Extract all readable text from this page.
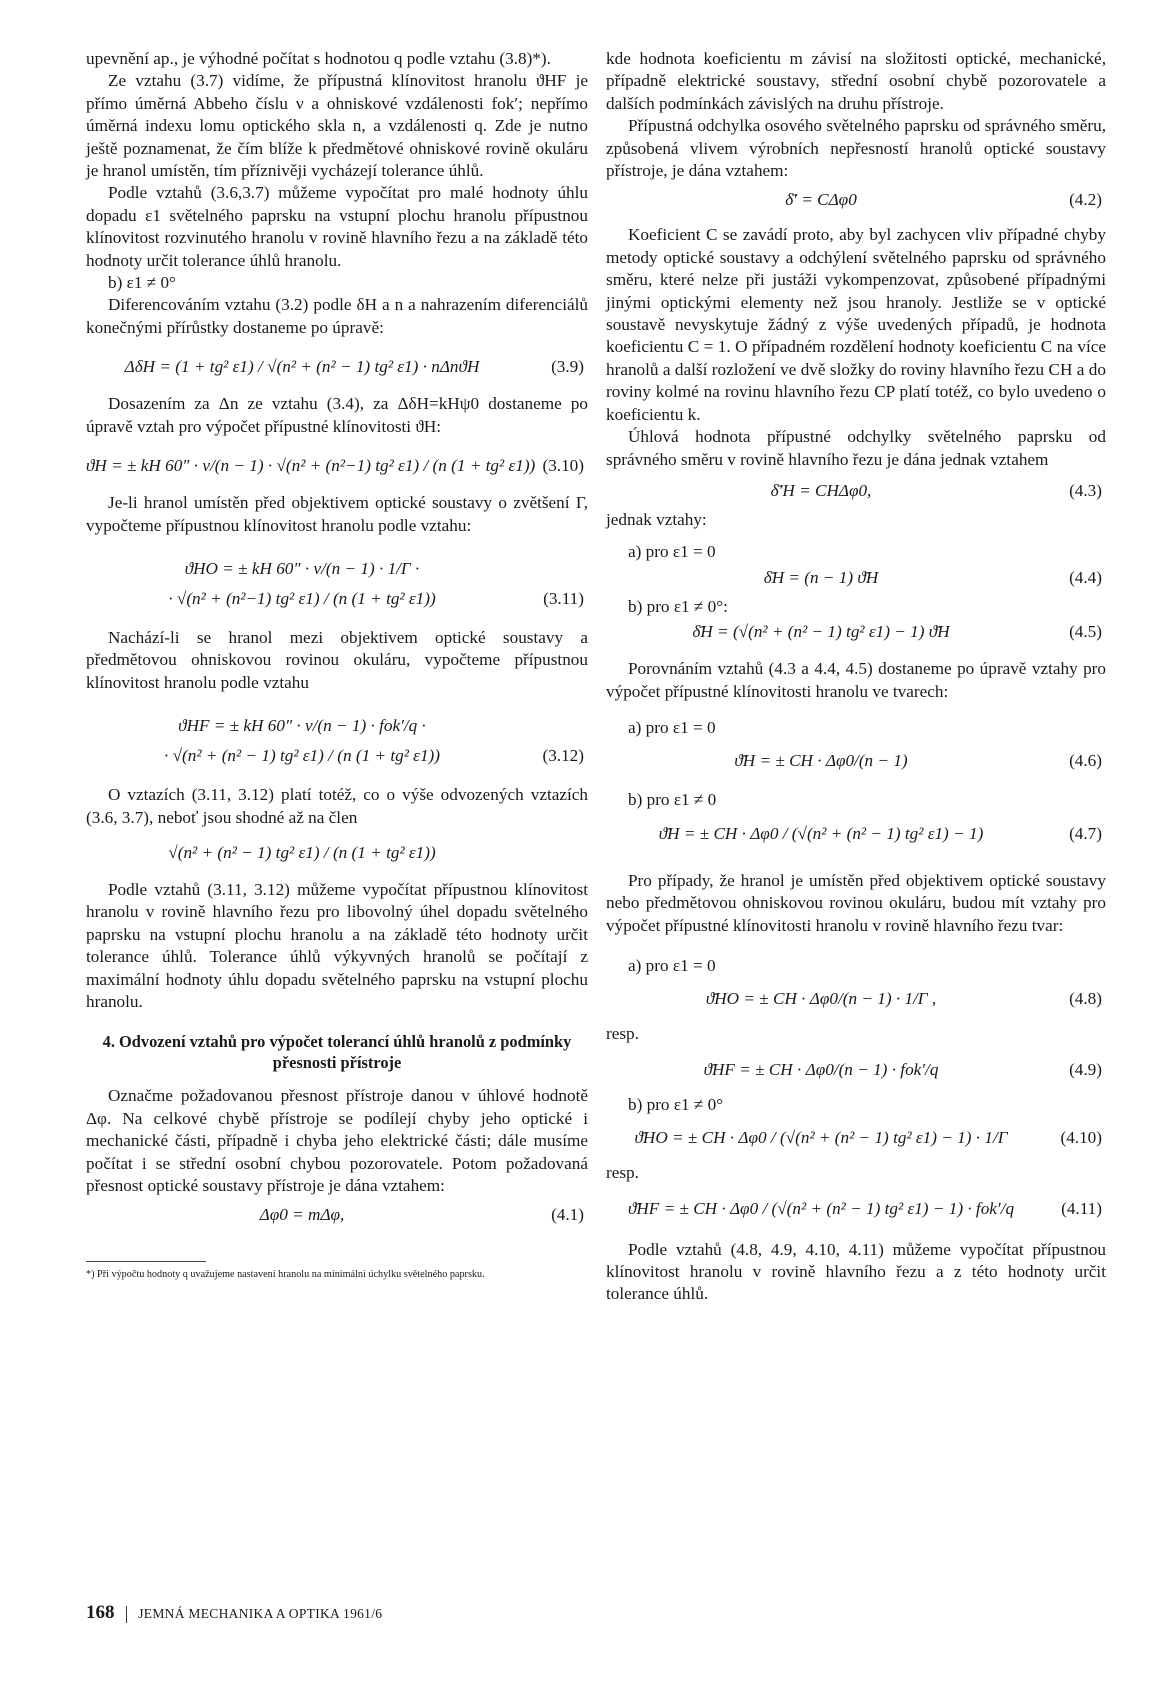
upevnění ap., je výhodné počítat s hodnotou q podle vztahu (3.8)*).

Ze vztahu (3.7) vidíme, že přípustná klínovitost hranolu ϑHF je přímo úměrná Abbeho číslu ν a ohniskové vzdálenosti fok′; nepřímo úměrná indexu lomu optického skla n, a vzdálenosti q. Zde je nutno ještě poznamenat, že čím blíže k předmětové ohniskové rovině okuláru je hranol umístěn, tím příznivěji vycházejí tolerance úhlů.

Podle vztahů (3.6,3.7) můžeme vypočítat pro malé hodnoty úhlu dopadu ε1 světelného paprsku na vstupní plochu hranolu přípustnou klínovitost rozvinutého hranolu v rovině hlavního řezu a na základě této hodnoty určit tolerance úhlů hranolu.

b) ε1 ≠ 0°

Diferencováním vztahu (3.2) podle δH a n a nahrazením diferenciálů konečnými přírůstky dostaneme po úpravě:

ΔδH = (1 + tg² ε1) / √(n² + (n² − 1) tg² ε1) · nΔnϑH	(3.9)

Dosazením za Δn ze vztahu (3.4), za ΔδH=kHψ0 dostaneme po úpravě vztah pro výpočet přípustné klínovitosti ϑH:

ϑH = ± kH 60″ · ν/(n − 1) · √(n² + (n²−1) tg² ε1) / (n (1 + tg² ε1)) (3.10)

Je-li hranol umístěn před objektivem optické soustavy o zvětšení Γ, vypočteme přípustnou klínovitost hranolu podle vztahu:

ϑHO = ± kH 60″ · ν/(n − 1) · 1/Γ ·
· √(n² + (n²−1) tg² ε1) / (n (1 + tg² ε1))	(3.11)

Nachází-li se hranol mezi objektivem optické soustavy a předmětovou ohniskovou rovinou okuláru, vypočteme přípustnou klínovitost hranolu podle vztahu

ϑHF = ± kH 60″ · ν/(n − 1) · fok′/q ·
· √(n² + (n² − 1) tg² ε1) / (n (1 + tg² ε1))	(3.12)

O vztazích (3.11, 3.12) platí totéž, co o výše odvozených vztazích (3.6, 3.7), neboť jsou shodné až na člen

√(n² + (n² − 1) tg² ε1) / (n (1 + tg² ε1))

Podle vztahů (3.11, 3.12) můžeme vypočítat přípustnou klínovitost hranolu v rovině hlavního řezu pro libovolný úhel dopadu světelného paprsku na vstupní plochu hranolu a na základě této hodnoty určit tolerance úhlů. Tolerance úhlů výkyvných hranolů se počítají z maximální hodnoty úhlu dopadu světelného paprsku na vstupní plochu hranolu.

4. Odvození vztahů pro výpočet tolerancí úhlů hranolů z podmínky přesnosti přístroje

Označme požadovanou přesnost přístroje danou v úhlové hodnotě Δφ. Na celkové chybě přístroje se podílejí chyby jeho optické i mechanické části, případně i chyba jeho elektrické části; dále musíme počítat i se střední osobní chybou pozorovatele. Potom požadovaná přesnost optické soustavy přístroje je dána vztahem:

Δφ0 = mΔφ,	(4.1)

*) Při výpočtu hodnoty q uvažujeme nastavení hranolu na minimální úchylku světelného paprsku.

kde hodnota koeficientu m závisí na složitosti optické, mechanické, případně elektrické soustavy, střední osobní chybě pozorovatele a dalších podmínkách závislých na druhu přístroje.

Přípustná odchylka osového světelného paprsku od správného směru, způsobená vlivem výrobních nepřesností hranolů optické soustavy přístroje, je dána vztahem:

δ̄′ = CΔφ0	(4.2)

Koeficient C se zavádí proto, aby byl zachycen vliv případné chyby metody optické soustavy a odchýlení světelného paprsku od správného směru, které nelze při justáži vykompenzovat, způsobené případnými jinými optickými elementy než jsou hranoly. Jestliže se v optické soustavě nevyskytuje žádný z výše uvedených případů, je hodnota koeficientu C = 1. O případném rozdělení hodnoty koeficientu C na více hranolů a další rozložení ve dvě složky do roviny hlavního řezu CH a do roviny kolmé na rovinu hlavního řezu CP platí totéž, co bylo uvedeno o koeficientu k.

Úhlová hodnota přípustné odchylky světelného paprsku od správného směru v rovině hlavního řezu je dána jednak vztahem

δ̄′H = CHΔφ0,	(4.3)

jednak vztahy:

a) pro ε1 = 0

δ̄H = (n − 1) ϑ̄H	(4.4)

b) pro ε1 ≠ 0°:

δ̄H = (√(n² + (n² − 1) tg² ε1) − 1) ϑ̄H	(4.5)

Porovnáním vztahů (4.3 a 4.4, 4.5) dostaneme po úpravě vztahy pro výpočet přípustné klínovitosti hranolu ve tvarech:

a) pro ε1 = 0

ϑ̄H = ± CH · Δφ0/(n − 1)	(4.6)

b) pro ε1 ≠ 0

ϑ̄H = ± CH · Δφ0 / (√(n² + (n² − 1) tg² ε1) − 1)	(4.7)

Pro případy, že hranol je umístěn před objektivem optické soustavy nebo předmětovou ohniskovou rovinou okuláru, budou mít vztahy pro výpočet přípustné klínovitosti hranolu v rovině hlavního řezu tvar:

a) pro ε1 = 0

ϑ̄HO = ± CH · Δφ0/(n − 1) · 1/Γ ,	(4.8)

resp.

ϑ̄HF = ± CH · Δφ0/(n − 1) · fok′/q	(4.9)

b) pro ε1 ≠ 0°

ϑ̄HO = ± CH · Δφ0 / (√(n² + (n² − 1) tg² ε1) − 1) · 1/Γ	(4.10)

resp.

ϑ̄HF = ± CH · Δφ0 / (√(n² + (n² − 1) tg² ε1) − 1) · fok′/q	(4.11)

Podle vztahů (4.8, 4.9, 4.10, 4.11) můžeme vypočítat přípustnou klínovitost hranolu v rovině hlavního řezu a z této hodnoty určit tolerance úhlů.

168 JEMNÁ MECHANIKA A OPTIKA 1961/6
